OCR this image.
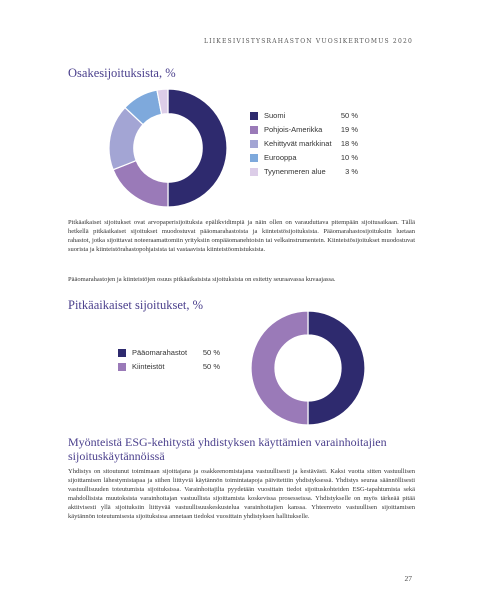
LIIKESIVISTYSRAHASTON VUOSIKERTOMUS 2020
Osakesijoituksista, %
Suomi	50 %
Pohjois-Amerikka 19 %
Kehittyvät markkinat 18 %
Eurooppa	10 %
Tyynenmeren alue	3 %

Pitkäaikaiset sijoitukset ovat arvopaperisijoituksia epälikvidimpiä ja näin ollen on varauduttava pitempään sijoitusaikaan. Tällä hetkellä pitkäaikaiset sijoitukset muodostuvat pääomarahastoista ja kiinteistösijoituksista. Pääomarahastosijoituksiin luetaan rahastot, jotka sijoittavat noteeraamattomiin yrityksiin ompääomanehtoisin tai velkainstrumentein. Kiinteistösijoitukset muodostuvat suorista ja kiinteistörahastopohjaisista tai vastaavista kiinteistöomistuksista.

Pääomarahastojen ja kiinteistöjen osuus pitkäaikaisista sijoituksista on esitetty seuraavassa kuvaajassa.

Pitkäaikaiset sijoitukset, %
Pääomarahastot 50 %
Kiinteistöt	50 %
Myönteistä ESG-kehitystä yhdistyksen käyttämien varainhoitajien sijoituskäytännöissä

Yhdistys on sitoutunut toimimaan sijoittajana ja osakkeenomistajana vastuullisesti ja kestävästi. Kaksi vuotta sitten vastuullisen sijoittamisen lähestymistapaa ja siihen liittyviä käytännön toimintatapoja päivitettiin yhdistyksessä. Yhdistys seuraa säännöllisesti vastuullisuuden toteutumista sijoituksissa. Varainhoitajilta pyydetään vuosittain tiedot sijoituskohteiden ESG-tapahtumista sekä mahdollisista muutoksista varainhoitajan vastuullista sijoittamista koskevissa prosesseissa. Yhdistykselle on myös tärkeää pitää aktiivisesti yllä sijoituksiin liittyvää vastuullisuuskeskustelua varainhoitajien kanssa. Yhteenveto vastuullisen sijoittamisen käytännön toteutumisesta sijoituksissa annetaan tiedoksi vuosittain yhdistyksen hallitukselle.

27
